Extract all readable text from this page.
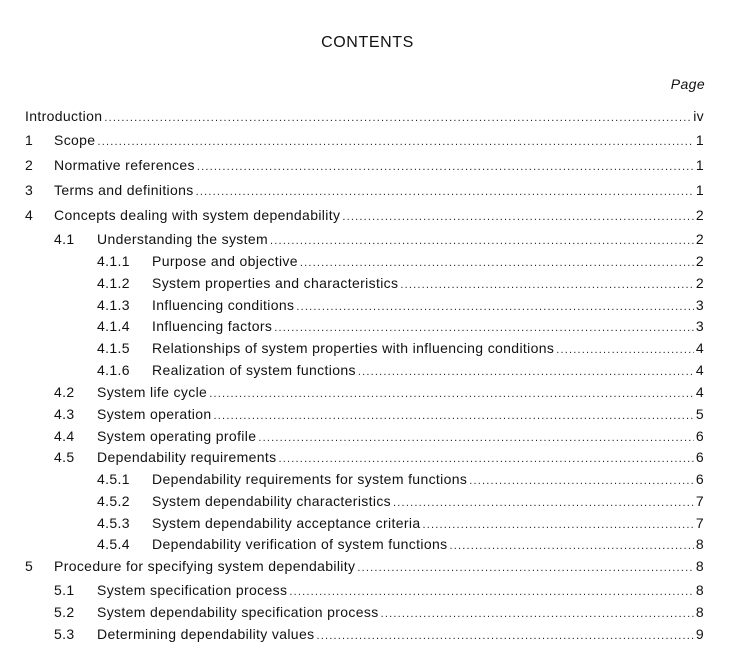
CONTENTS
Page
Introduction .....	iv
1	Scope .....	1
2	Normative references .....	1
3	Terms and definitions .....	1
4	Concepts dealing with system dependability .....	2
4.1	Understanding the system .....	2
4.1.1	Purpose and objective .....	2
4.1.2	System properties and characteristics .....	2
4.1.3	Influencing conditions .....	3
4.1.4	Influencing factors .....	3
4.1.5	Relationships of system properties with influencing conditions .....	4
4.1.6	Realization of system functions .....	4
4.2	System life cycle .....	4
4.3	System operation .....	5
4.4	System operating profile .....	6
4.5	Dependability requirements .....	6
4.5.1	Dependability requirements for system functions .....	6
4.5.2	System dependability characteristics .....	7
4.5.3	System dependability acceptance criteria .....	7
4.5.4	Dependability verification of system functions .....	8
5	Procedure for specifying system dependability .....	8
5.1	System specification process .....	8
5.2	System dependability specification process .....	8
5.3	Determining dependability values .....	9
